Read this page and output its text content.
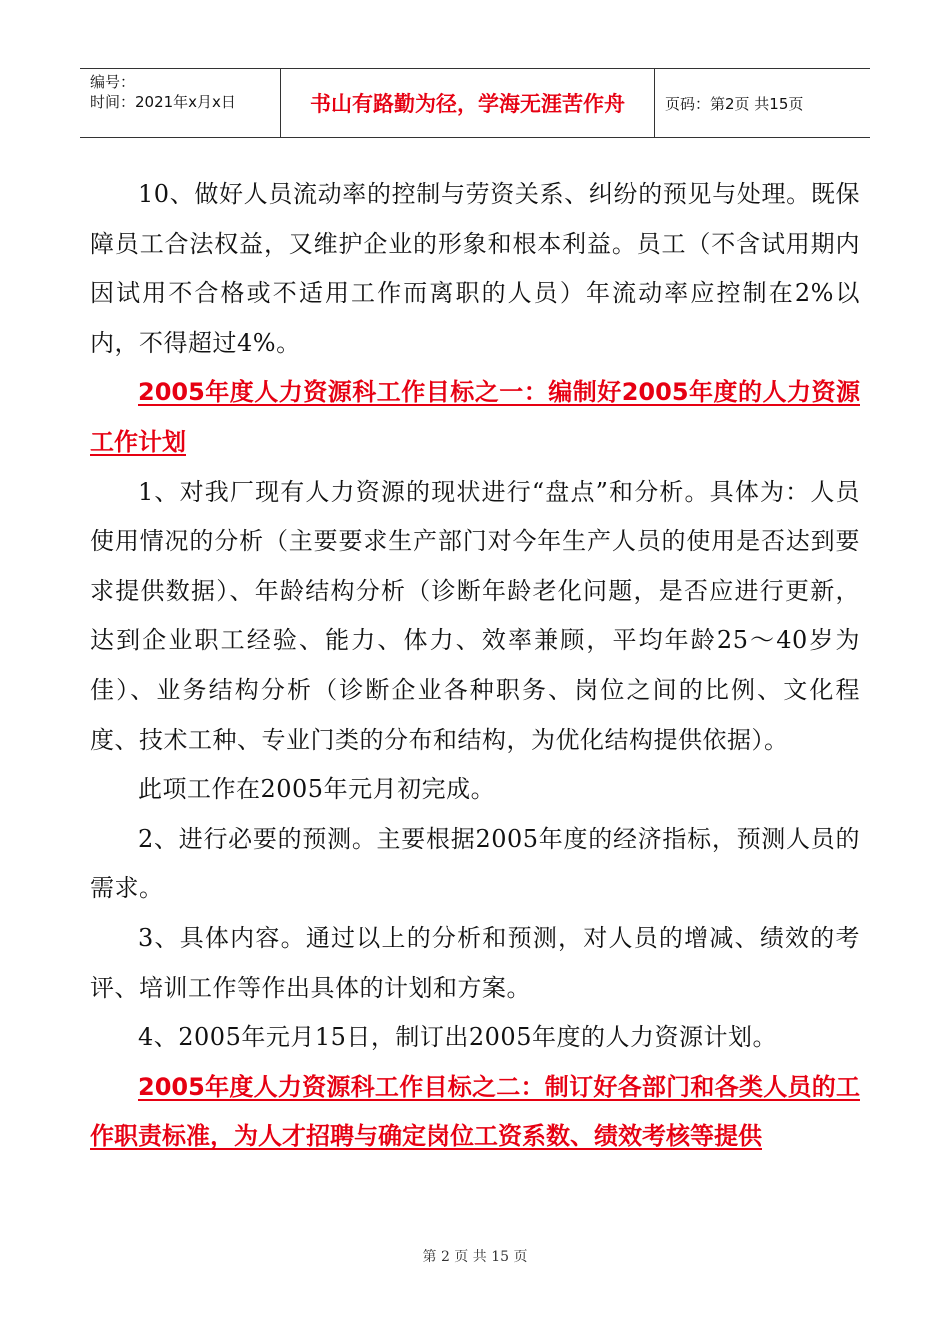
编号：
时间：2021年x月x日	书山有路勤为径，学海无涯苦作舟	页码：第2页 共15页

10、做好人员流动率的控制与劳资关系、纠纷的预见与处理。既保障员工合法权益，又维护企业的形象和根本利益。员工（不含试用期内因试用不合格或不适用工作而离职的人员）年流动率应控制在2%以内，不得超过4%。

2005年度人力资源科工作目标之一：编制好2005年度的人力资源工作计划

1、对我厂现有人力资源的现状进行“盘点”和分析。具体为：人员使用情况的分析（主要要求生产部门对今年生产人员的使用是否达到要求提供数据）、年龄结构分析（诊断年龄老化问题，是否应进行更新，达到企业职工经验、能力、体力、效率兼顾，平均年龄25～40岁为佳）、业务结构分析（诊断企业各种职务、岗位之间的比例、文化程度、技术工种、专业门类的分布和结构，为优化结构提供依据）。

此项工作在2005年元月初完成。

2、进行必要的预测。主要根据2005年度的经济指标，预测人员的需求。

3、具体内容。通过以上的分析和预测，对人员的增减、绩效的考评、培训工作等作出具体的计划和方案。

4、2005年元月15日，制订出2005年度的人力资源计划。

2005年度人力资源科工作目标之二：制订好各部门和各类人员的工作职责标准，为人才招聘与确定岗位工资系数、绩效考核等提供

第 2 页 共 15 页
